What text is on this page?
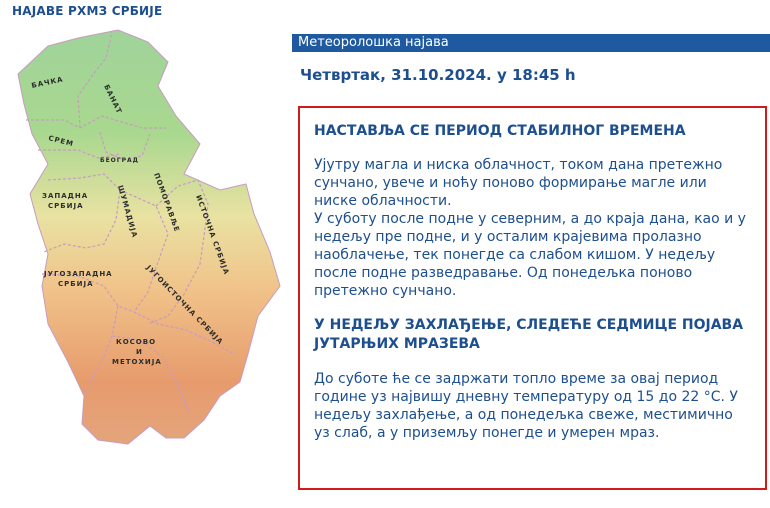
НАЈАВЕ РХМЗ СРБИЈЕ
БАЧКА
БАНАТ
СРЕМ
БЕОГРАД
ЗАПАДНА
СРБИЈА	ШУМАДИЈА ПОМОРАВЉЕ ИСТОЧНА СРБИЈА
ЈУГОЗАПАДНА
СРБИЈА	ЈУГОИСТОЧНА СРБИЈА
КОСОВО
И
МЕТОХИЈА
Метеоролошка најава
Четвртак, 31.10.2024. у 18:45 h
НАСТАВЉА СЕ ПЕРИОД СТАБИЛНОГ ВРЕМЕНА

Ујутру магла и ниска облачност, током дана претежно сунчано, увече и ноћу поново формирање магле или ниске облачности.

У суботу после подне у северним, а до краја дана, као и у недељу пре подне, и у осталим крајевима пролазно наоблачење, тек понегде са слабом кишом. У недељу после подне разведравање. Од понедељка поново претежно сунчано.

У НЕДЕЉУ ЗАХЛАЂЕЊЕ, СЛЕДЕЋЕ СЕДМИЦЕ ПОЈАВА ЈУТАРЊИХ МРАЗЕВА

До суботе ће се задржати топло време за овај период године уз највишу дневну температуру од 15 до 22 °C. У недељу захлађење, а од понедељка свеже, местимично уз слаб, а у приземљу понегде и умерен мраз.
